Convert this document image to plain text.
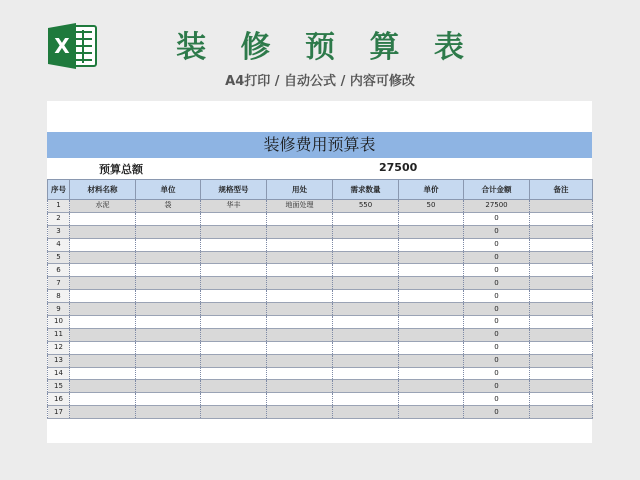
X	装 修 预 算 表
A4打印 / 自动公式 / 内容可修改
装修费用预算表
预算总额	27500
序号	材料名称	单位	规格型号	用处	需求数量	单价	合计金额	备注
1	水泥	袋	华丰	地面处理	550	50	27500	
2							0	
3							0	
4							0	
5							0	
6							0	
7							0	
8							0	
9							0	
10							0	
11							0	
12							0	
13							0	
14							0	
15							0	
16							0	
17							0	
